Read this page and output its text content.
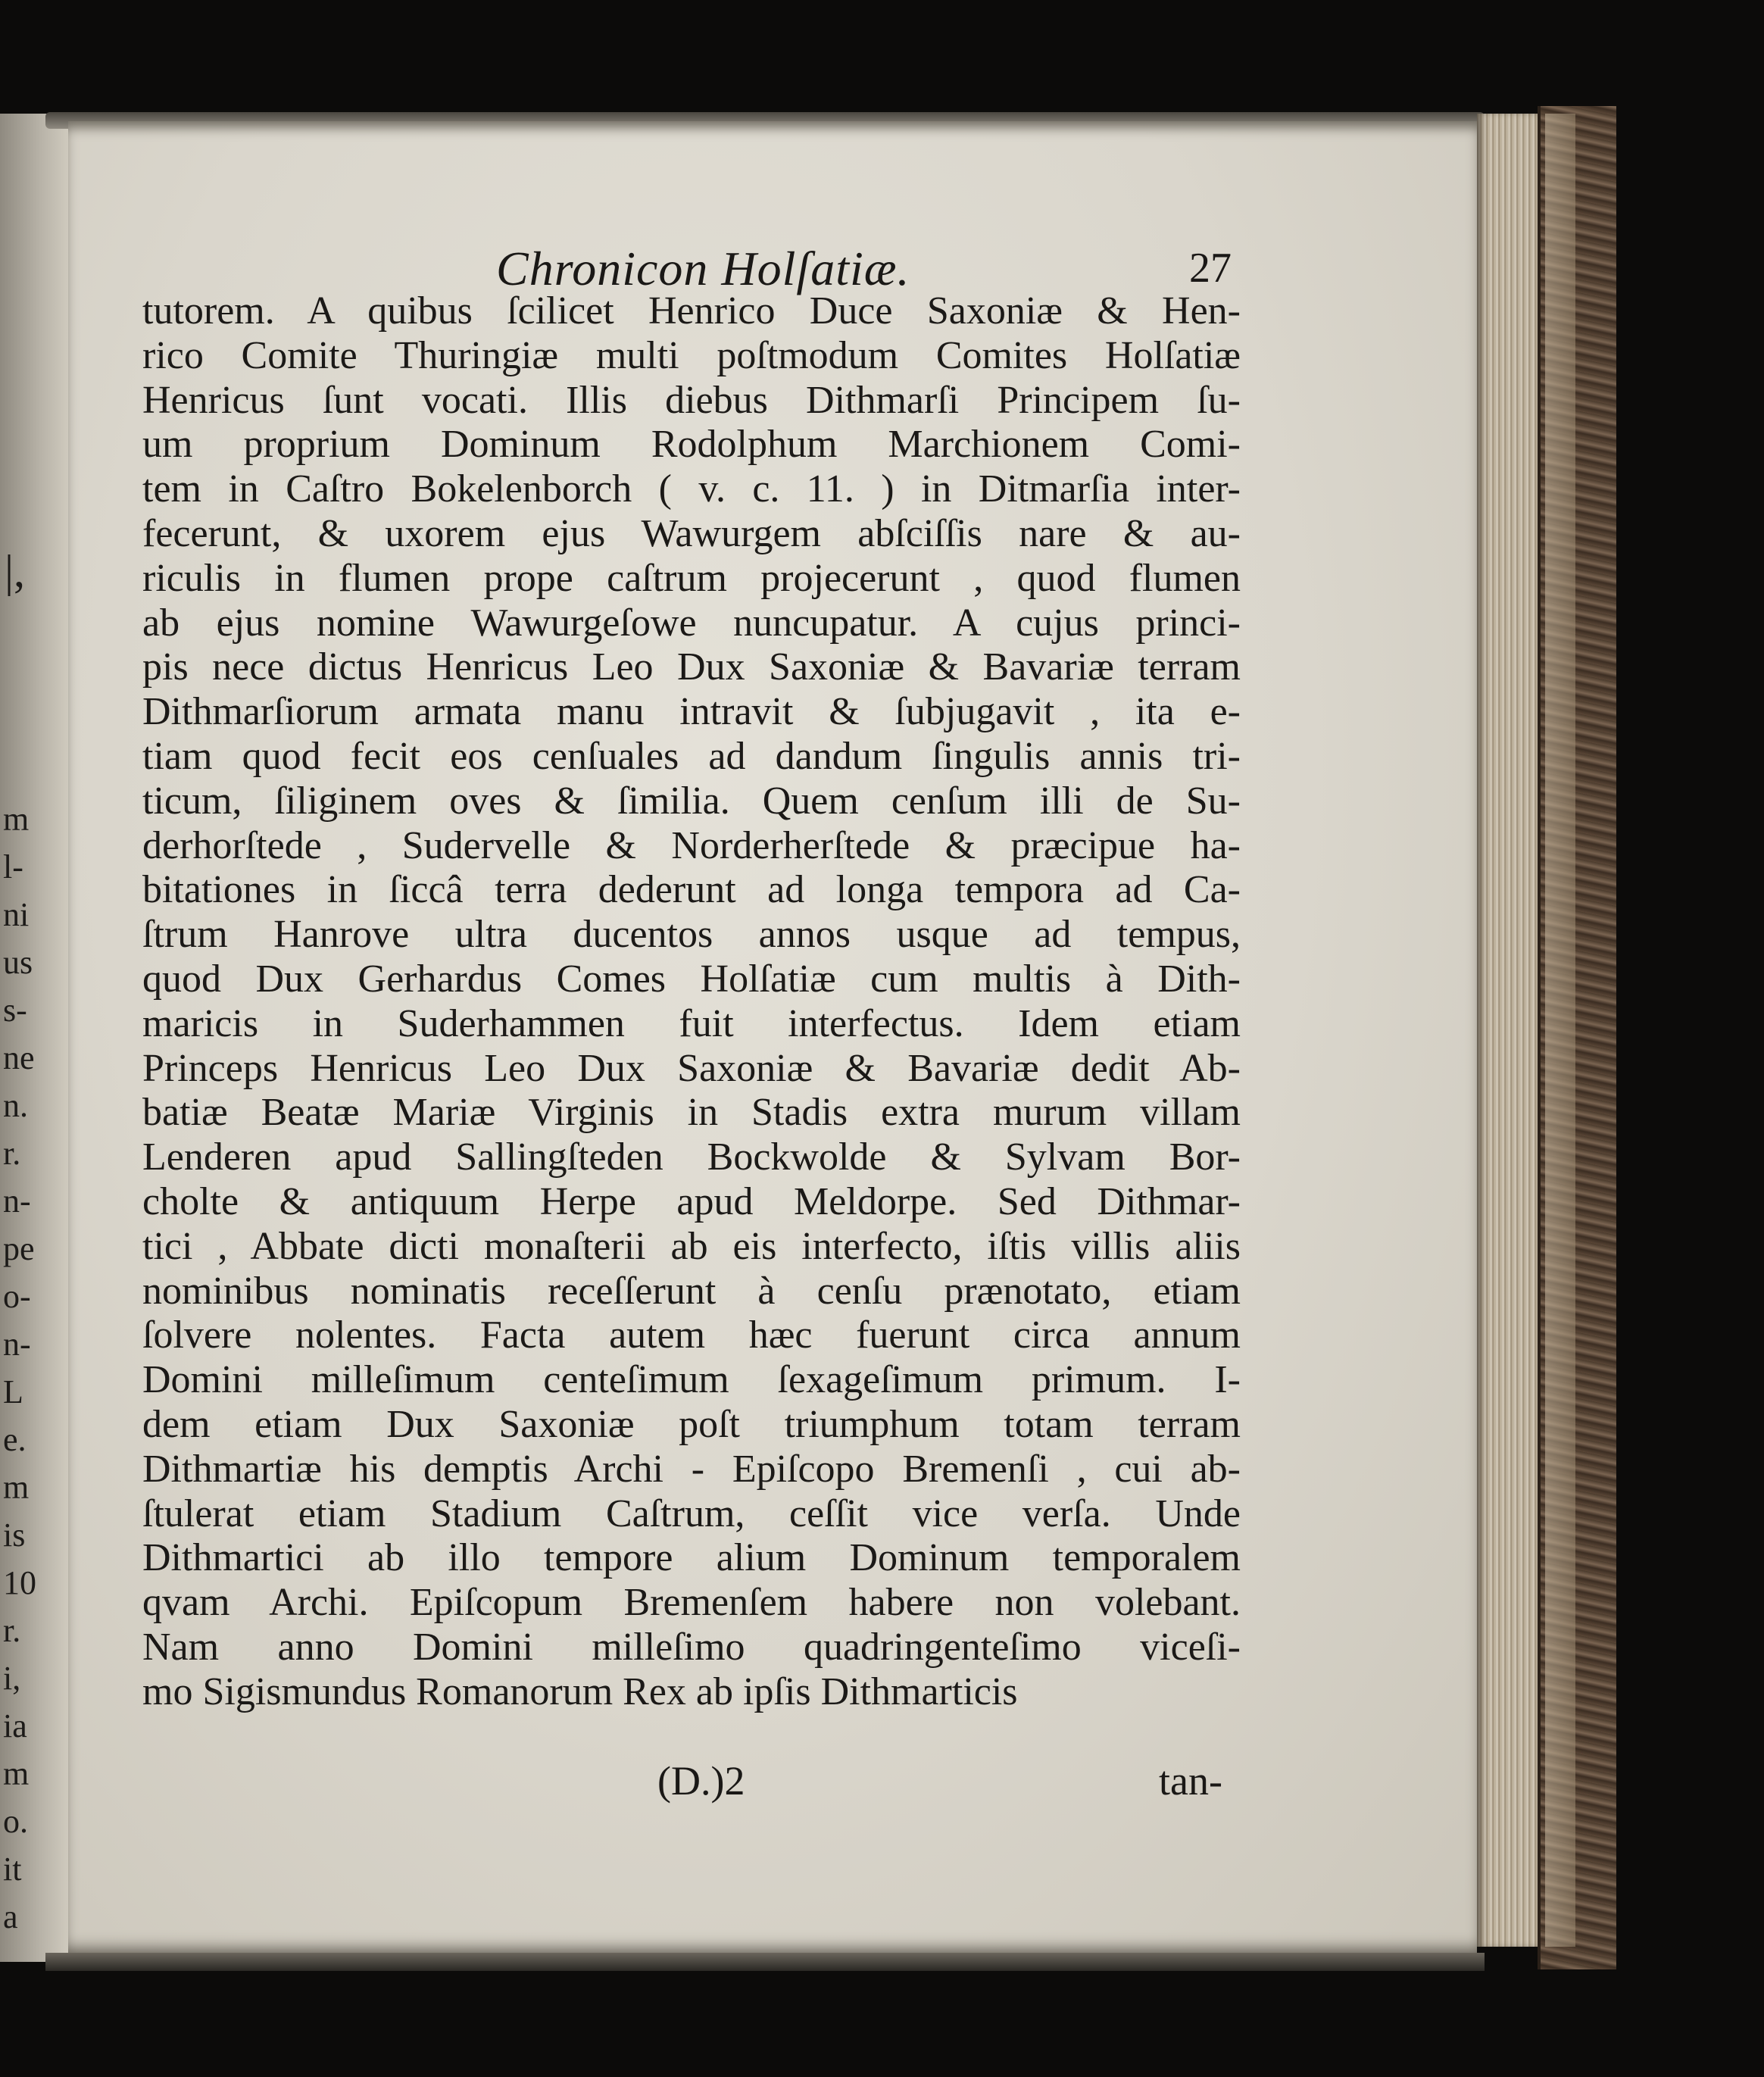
|,
m
l-
ni
us
s-
ne
n.
r.
n-
pe
o-
n-
L
e.
m
is
10
r.
i,
ia
m
o.
it
a
Chronicon Holſatiæ.	27
tutorem. A quibus ſcilicet Henrico Duce Saxoniæ & Hen-
rico Comite Thuringiæ multi poſtmodum Comites Holſatiæ
Henricus ſunt vocati. Illis diebus Dithmarſi Principem ſu-
um proprium Dominum Rodolphum Marchionem Comi-
tem in Caſtro Bokelenborch ( v. c. 11. ) in Ditmarſia inter-
fecerunt, & uxorem ejus Wawurgem abſciſſis nare & au-
riculis in flumen prope caſtrum projecerunt , quod flumen
ab ejus nomine Wawurgeſowe nuncupatur. A cujus princi-
pis nece dictus Henricus Leo Dux Saxoniæ & Bavariæ terram
Dithmarſiorum armata manu intravit & ſubjugavit , ita e-
tiam quod fecit eos cenſuales ad dandum ſingulis annis tri-
ticum, ſiliginem oves & ſimilia. Quem cenſum illi de Su-
derhorſtede , Sudervelle & Norderherſtede & præcipue ha-
bitationes in ſiccâ terra dederunt ad longa tempora ad Ca-
ſtrum Hanrove ultra ducentos annos usque ad tempus,
quod Dux Gerhardus Comes Holſatiæ cum multis à Dith-
maricis in Suderhammen fuit interfectus. Idem etiam
Princeps Henricus Leo Dux Saxoniæ & Bavariæ dedit Ab-
batiæ Beatæ Mariæ Virginis in Stadis extra murum villam
Lenderen apud Sallingſteden Bockwolde & Sylvam Bor-
cholte & antiquum Herpe apud Meldorpe. Sed Dithmar-
tici , Abbate dicti monaſterii ab eis interfecto, iſtis villis aliis
nominibus nominatis receſſerunt à cenſu prænotato, etiam
ſolvere nolentes. Facta autem hæc fuerunt circa annum
Domini milleſimum centeſimum ſexageſimum primum. I-
dem etiam Dux Saxoniæ poſt triumphum totam terram
Dithmartiæ his demptis Archi - Epiſcopo Bremenſi , cui ab-
ſtulerat etiam Stadium Caſtrum, ceſſit vice verſa. Unde
Dithmartici ab illo tempore alium Dominum temporalem
qvam Archi. Epiſcopum Bremenſem habere non volebant.
Nam anno Domini milleſimo quadringenteſimo viceſi-
mo Sigismundus Romanorum Rex ab ipſis Dithmarticis
(D.)2	tan-
